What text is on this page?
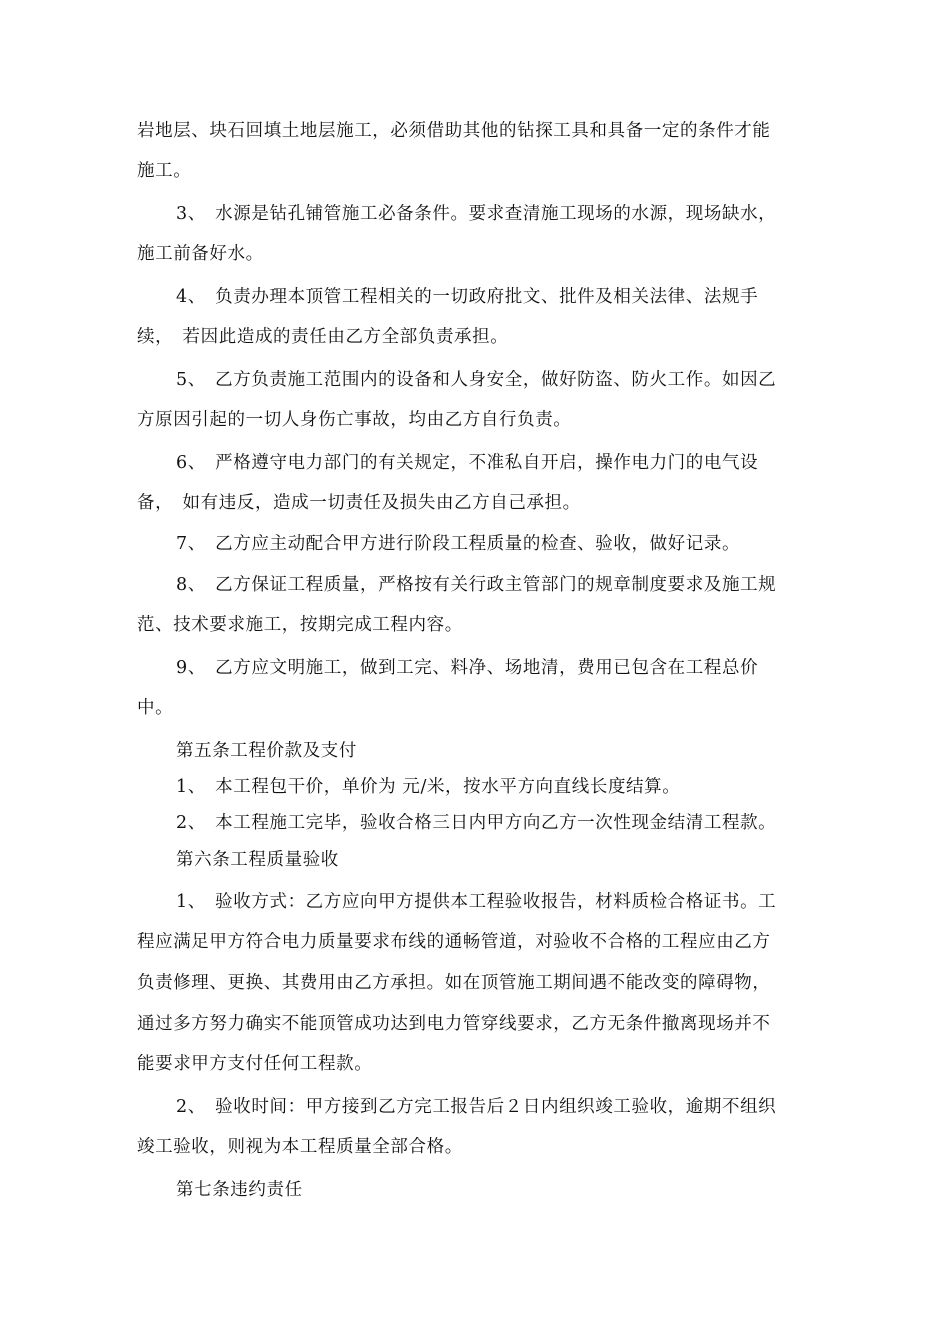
岩地层、块石回填土地层施工，必须借助其他的钻探工具和具备一定的条件才能
施工。
3、　水源是钻孔铺管施工必备条件。要求查清施工现场的水源，现场缺水，
施工前备好水。
4、　负责办理本顶管工程相关的一切政府批文、批件及相关法律、法规手
续，　若因此造成的责任由乙方全部负责承担。
5、　乙方负责施工范围内的设备和人身安全，做好防盗、防火工作。如因乙
方原因引起的一切人身伤亡事故，均由乙方自行负责。
6、　严格遵守电力部门的有关规定，不准私自开启，操作电力门的电气设
备，　如有违反，造成一切责任及损失由乙方自己承担。
7、　乙方应主动配合甲方进行阶段工程质量的检查、验收，做好记录。
8、　乙方保证工程质量，严格按有关行政主管部门的规章制度要求及施工规
范、技术要求施工，按期完成工程内容。
9、　乙方应文明施工，做到工完、料净、场地清，费用已包含在工程总价
中。
第五条工程价款及支付
1、　本工程包干价，单价为 元/米，按水平方向直线长度结算。
2、　本工程施工完毕，验收合格三日内甲方向乙方一次性现金结清工程款。
第六条工程质量验收
1、　验收方式：乙方应向甲方提供本工程验收报告，材料质检合格证书。工
程应满足甲方符合电力质量要求布线的通畅管道，对验收不合格的工程应由乙方
负责修理、更换、其费用由乙方承担。如在顶管施工期间遇不能改变的障碍物，
通过多方努力确实不能顶管成功达到电力管穿线要求，乙方无条件撤离现场并不
能要求甲方支付任何工程款。
2、　验收时间：甲方接到乙方完工报告后２日内组织竣工验收，逾期不组织
竣工验收，则视为本工程质量全部合格。
第七条违约责任
